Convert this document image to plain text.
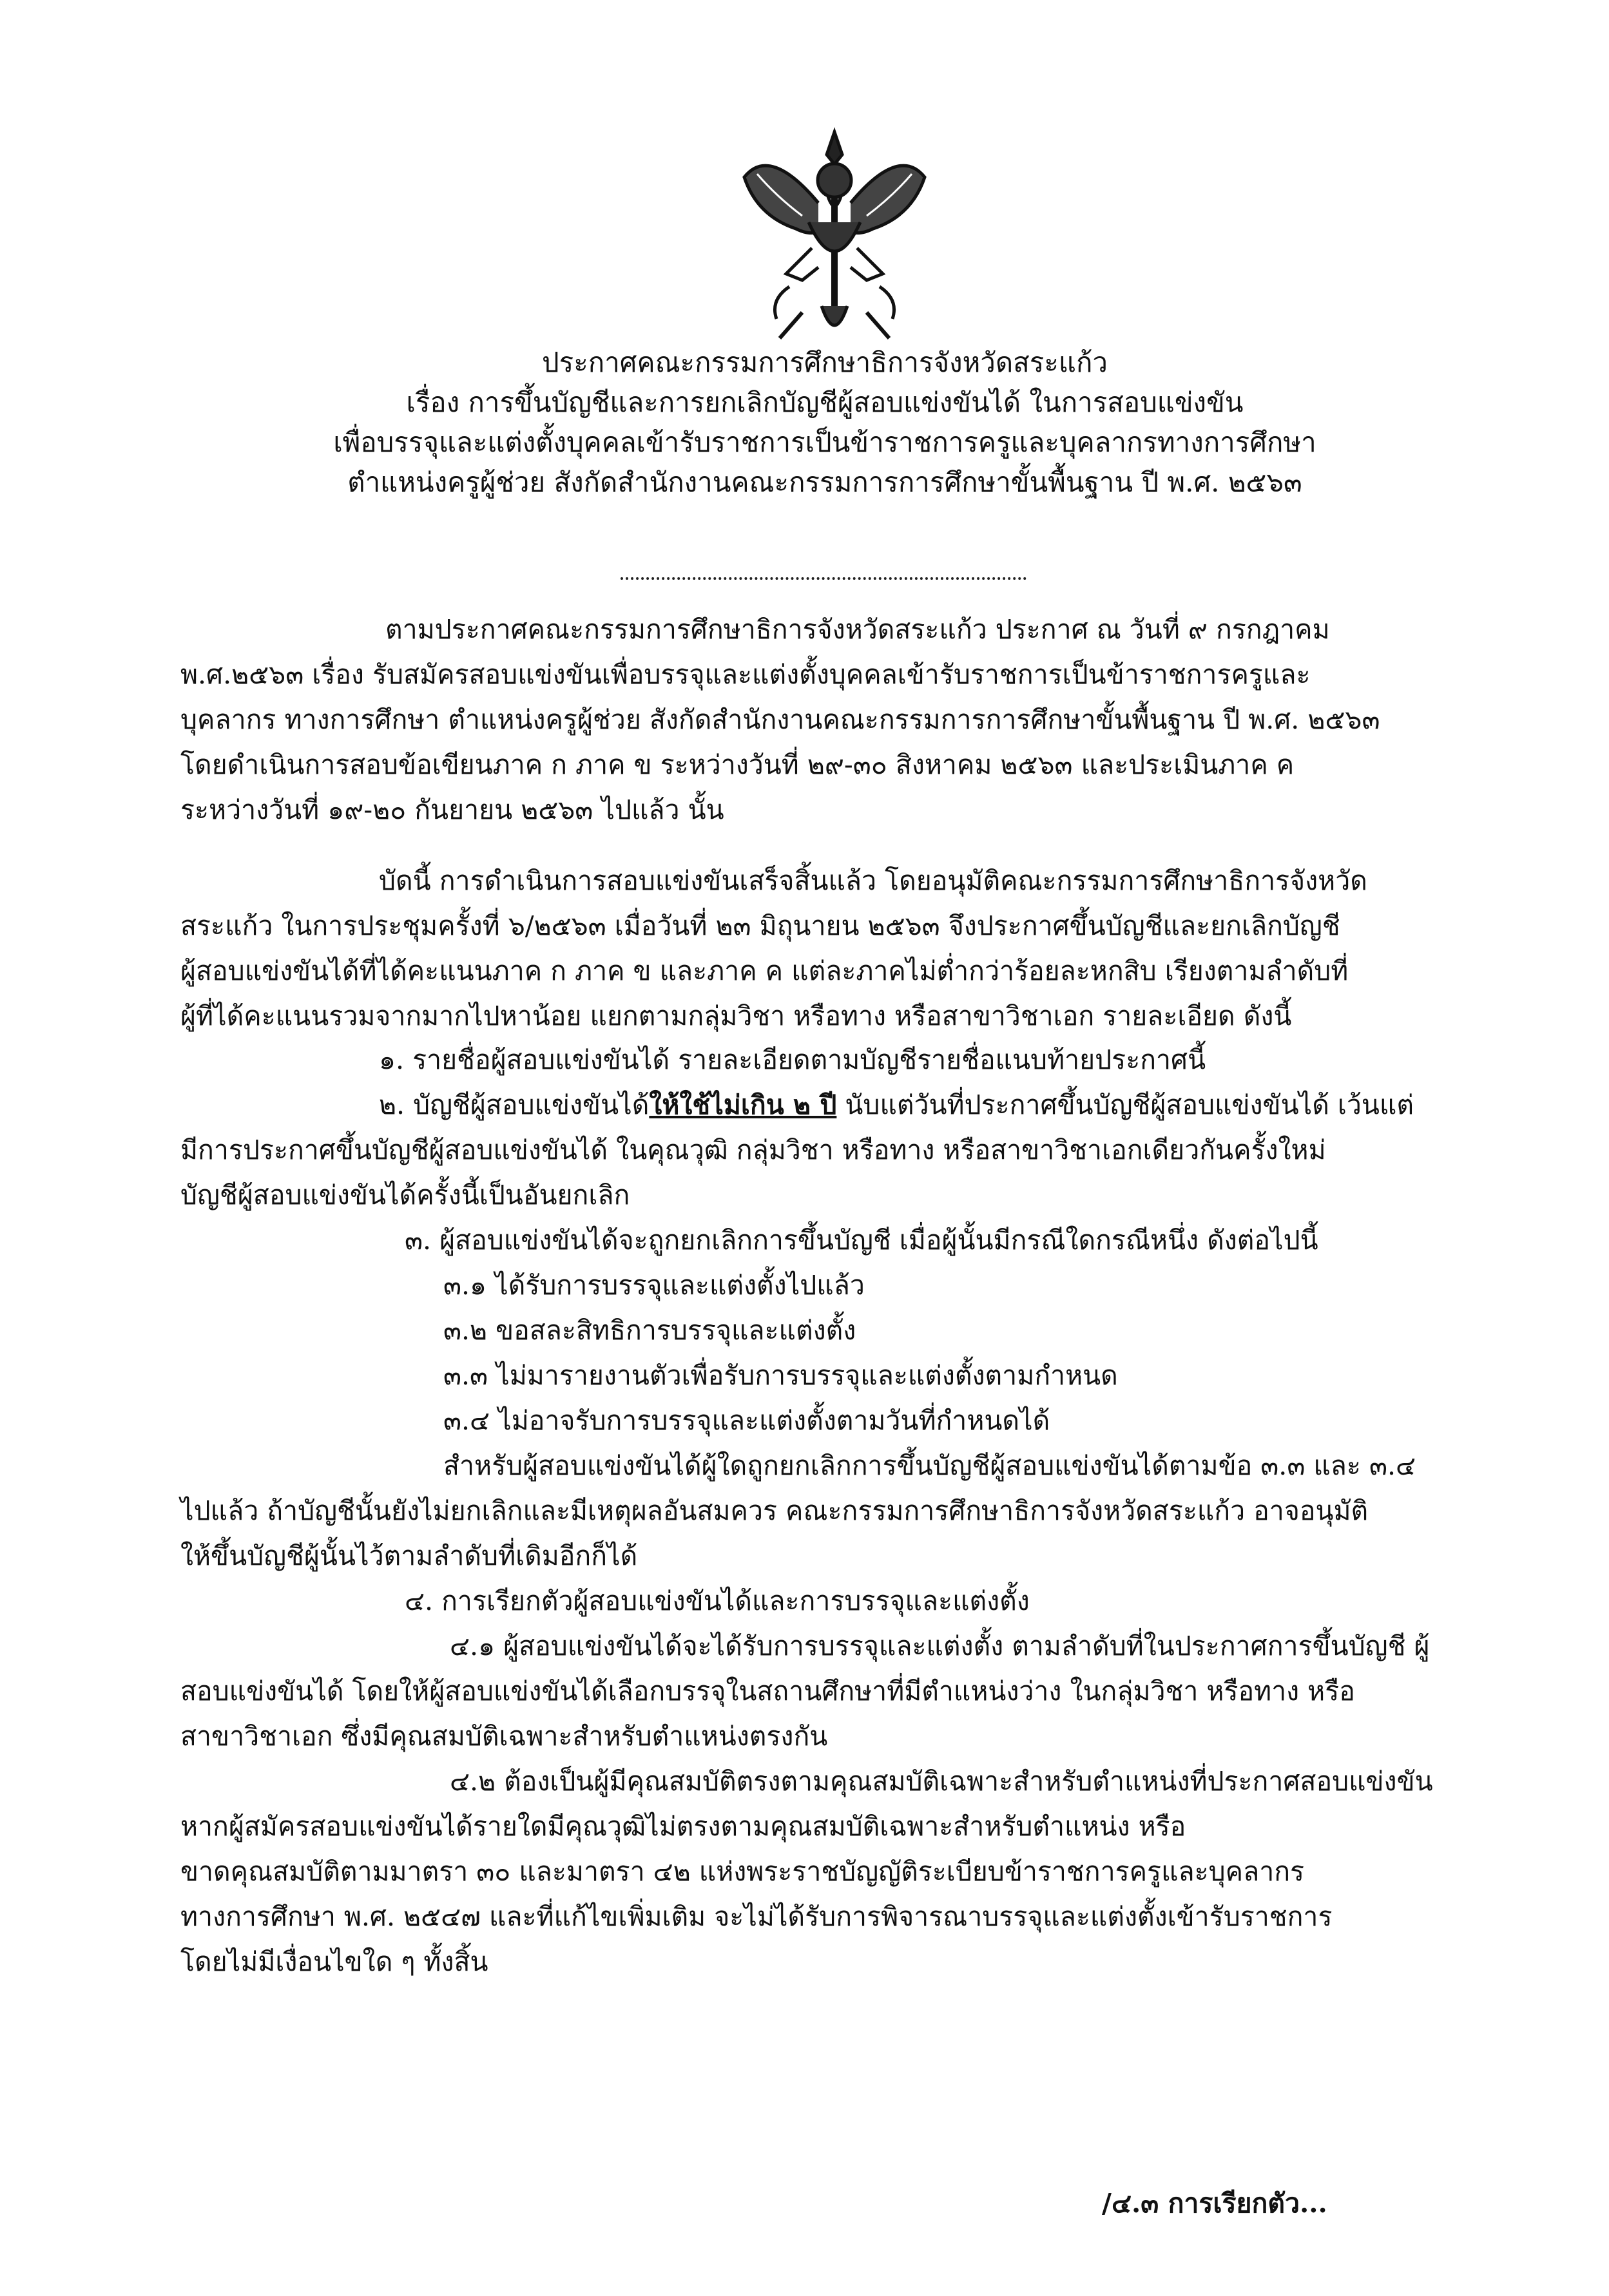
ประกาศคณะกรรมการศึกษาธิการจังหวัดสระแก้ว
เรื่อง การขึ้นบัญชีและการยกเลิกบัญชีผู้สอบแข่งขันได้ ในการสอบแข่งขัน
เพื่อบรรจุและแต่งตั้งบุคคลเข้ารับราชการเป็นข้าราชการครูและบุคลากรทางการศึกษา
ตำแหน่งครูผู้ช่วย สังกัดสำนักงานคณะกรรมการการศึกษาขั้นพื้นฐาน ปี พ.ศ. ๒๕๖๓
ตามประกาศคณะกรรมการศึกษาธิการจังหวัดสระแก้ว ประกาศ ณ วันที่ ๙ กรกฎาคม
พ.ศ.๒๕๖๓ เรื่อง รับสมัครสอบแข่งขันเพื่อบรรจุและแต่งตั้งบุคคลเข้ารับราชการเป็นข้าราชการครูและ
บุคลากร ทางการศึกษา ตำแหน่งครูผู้ช่วย สังกัดสำนักงานคณะกรรมการการศึกษาขั้นพื้นฐาน ปี พ.ศ. ๒๕๖๓
โดยดำเนินการสอบข้อเขียนภาค ก ภาค ข ระหว่างวันที่ ๒๙-๓๐ สิงหาคม ๒๕๖๓ และประเมินภาค ค
ระหว่างวันที่ ๑๙-๒๐ กันยายน ๒๕๖๓ ไปแล้ว นั้น
บัดนี้ การดำเนินการสอบแข่งขันเสร็จสิ้นแล้ว โดยอนุมัติคณะกรรมการศึกษาธิการจังหวัด
สระแก้ว ในการประชุมครั้งที่ ๖/๒๕๖๓ เมื่อวันที่ ๒๓ มิถุนายน ๒๕๖๓ จึงประกาศขึ้นบัญชีและยกเลิกบัญชี
ผู้สอบแข่งขันได้ที่ได้คะแนนภาค ก ภาค ข และภาค ค แต่ละภาคไม่ต่ำกว่าร้อยละหกสิบ เรียงตามลำดับที่
ผู้ที่ได้คะแนนรวมจากมากไปหาน้อย แยกตามกลุ่มวิชา หรือทาง หรือสาขาวิชาเอก รายละเอียด ดังนี้
๑. รายชื่อผู้สอบแข่งขันได้ รายละเอียดตามบัญชีรายชื่อแนบท้ายประกาศนี้
๒. บัญชีผู้สอบแข่งขันได้ให้ใช้ไม่เกิน ๒ ปี นับแต่วันที่ประกาศขึ้นบัญชีผู้สอบแข่งขันได้ เว้นแต่
มีการประกาศขึ้นบัญชีผู้สอบแข่งขันได้ ในคุณวุฒิ กลุ่มวิชา หรือทาง หรือสาขาวิชาเอกเดียวกันครั้งใหม่
บัญชีผู้สอบแข่งขันได้ครั้งนี้เป็นอันยกเลิก
๓. ผู้สอบแข่งขันได้จะถูกยกเลิกการขึ้นบัญชี เมื่อผู้นั้นมีกรณีใดกรณีหนึ่ง ดังต่อไปนี้
๓.๑ ได้รับการบรรจุและแต่งตั้งไปแล้ว
๓.๒ ขอสละสิทธิการบรรจุและแต่งตั้ง
๓.๓ ไม่มารายงานตัวเพื่อรับการบรรจุและแต่งตั้งตามกำหนด
๓.๔ ไม่อาจรับการบรรจุและแต่งตั้งตามวันที่กำหนดได้
สำหรับผู้สอบแข่งขันได้ผู้ใดถูกยกเลิกการขึ้นบัญชีผู้สอบแข่งขันได้ตามข้อ ๓.๓ และ ๓.๔
ไปแล้ว ถ้าบัญชีนั้นยังไม่ยกเลิกและมีเหตุผลอันสมควร คณะกรรมการศึกษาธิการจังหวัดสระแก้ว อาจอนุมัติ
ให้ขึ้นบัญชีผู้นั้นไว้ตามลำดับที่เดิมอีกก็ได้
๔. การเรียกตัวผู้สอบแข่งขันได้และการบรรจุและแต่งตั้ง
๔.๑ ผู้สอบแข่งขันได้จะได้รับการบรรจุและแต่งตั้ง ตามลำดับที่ในประกาศการขึ้นบัญชี ผู้
สอบแข่งขันได้ โดยให้ผู้สอบแข่งขันได้เลือกบรรจุในสถานศึกษาที่มีตำแหน่งว่าง ในกลุ่มวิชา หรือทาง หรือ
สาขาวิชาเอก ซึ่งมีคุณสมบัติเฉพาะสำหรับตำแหน่งตรงกัน
๔.๒ ต้องเป็นผู้มีคุณสมบัติตรงตามคุณสมบัติเฉพาะสำหรับตำแหน่งที่ประกาศสอบแข่งขัน
หากผู้สมัครสอบแข่งขันได้รายใดมีคุณวุฒิไม่ตรงตามคุณสมบัติเฉพาะสำหรับตำแหน่ง หรือ
ขาดคุณสมบัติตามมาตรา ๓๐ และมาตรา ๔๒ แห่งพระราชบัญญัติระเบียบข้าราชการครูและบุคลากร
ทางการศึกษา พ.ศ. ๒๕๔๗ และที่แก้ไขเพิ่มเติม จะไม่ได้รับการพิจารณาบรรจุและแต่งตั้งเข้ารับราชการ
โดยไม่มีเงื่อนไขใด ๆ ทั้งสิ้น
/๔.๓ การเรียกตัว...
